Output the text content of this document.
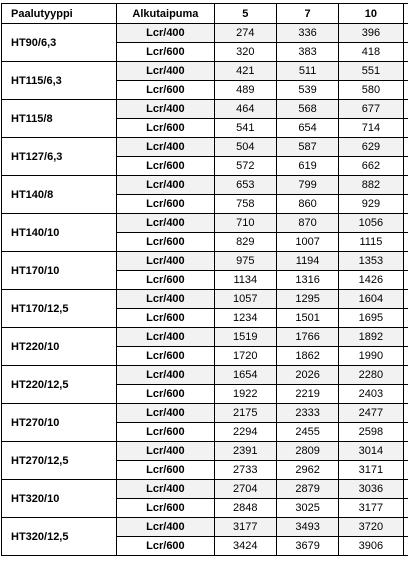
Paalutyyppi	Alkutaipuma	5	7	10	
HT90/6,3	Lcr/400	274	336	396	
	Lcr/600	320	383	418	
HT115/6,3	Lcr/400	421	511	551	
	Lcr/600	489	539	580	
HT115/8	Lcr/400	464	568	677	
	Lcr/600	541	654	714	
HT127/6,3	Lcr/400	504	587	629	
	Lcr/600	572	619	662	
HT140/8	Lcr/400	653	799	882	
	Lcr/600	758	860	929	
HT140/10	Lcr/400	710	870	1056	
	Lcr/600	829	1007	1115	
HT170/10	Lcr/400	975	1194	1353	
	Lcr/600	1134	1316	1426	
HT170/12,5	Lcr/400	1057	1295	1604	
	Lcr/600	1234	1501	1695	
HT220/10	Lcr/400	1519	1766	1892	
	Lcr/600	1720	1862	1990	
HT220/12,5	Lcr/400	1654	2026	2280	
	Lcr/600	1922	2219	2403	
HT270/10	Lcr/400	2175	2333	2477	
	Lcr/600	2294	2455	2598	
HT270/12,5	Lcr/400	2391	2809	3014	
	Lcr/600	2733	2962	3171	
HT320/10	Lcr/400	2704	2879	3036	
	Lcr/600	2848	3025	3177	
HT320/12,5	Lcr/400	3177	3493	3720	
	Lcr/600	3424	3679	3906	
